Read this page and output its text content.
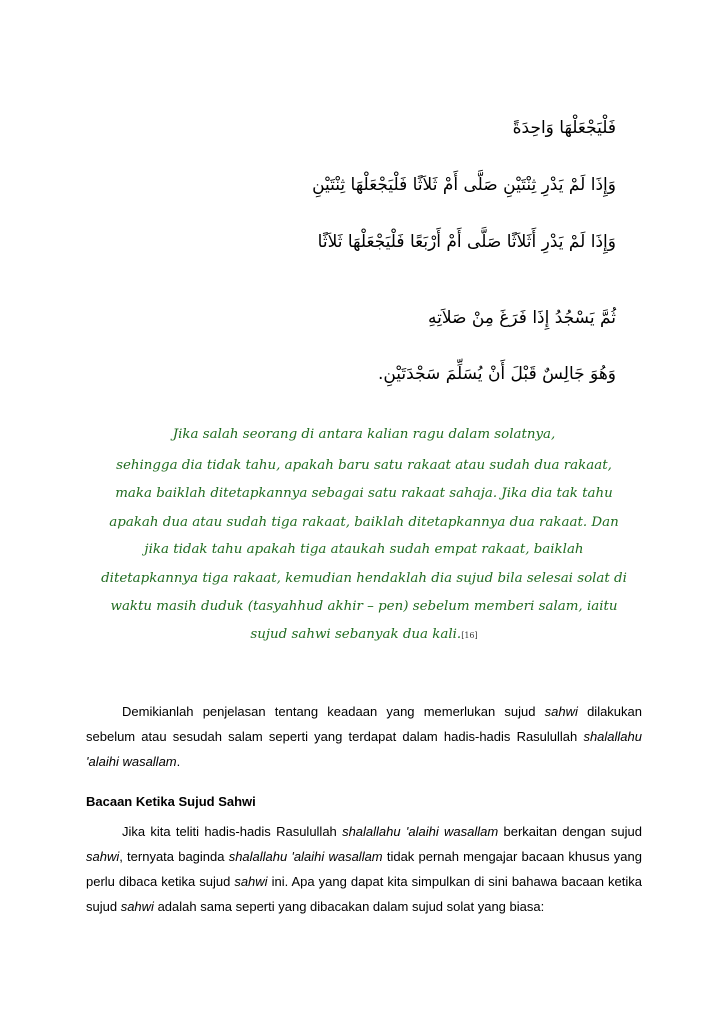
فَلْيَجْعَلْهَا وَاحِدَةً
وَإِذَا لَمْ يَدْرِ ثِنْتَيْنِ صَلَّى أَمْ ثَلاَثًا فَلْيَجْعَلْهَا ثِنْتَيْنِ
وَإِذَا لَمْ يَدْرِ أَثَلاَثًا صَلَّى أَمْ أَرْبَعًا فَلْيَجْعَلْهَا ثَلاَثًا
ثُمَّ يَسْجُدُ إِذَا فَرَغَ مِنْ صَلاَتِهِ
وَهُوَ جَالِسٌ قَبْلَ أَنْ يُسَلِّمَ سَجْدَتَيْنِ.
Jika salah seorang di antara kalian ragu dalam solatnya,
sehingga dia tidak tahu, apakah baru satu rakaat atau sudah dua rakaat,
maka baiklah ditetapkannya sebagai satu rakaat sahaja. Jika dia tak tahu
apakah dua atau sudah tiga rakaat, baiklah ditetapkannya dua rakaat. Dan
jika tidak tahu apakah tiga ataukah sudah empat rakaat, baiklah
ditetapkannya tiga rakaat, kemudian hendaklah dia sujud bila selesai solat di
waktu masih duduk (tasyahhud akhir – pen) sebelum memberi salam, iaitu
sujud sahwi sebanyak dua kali.[16]

Demikianlah penjelasan tentang keadaan yang memerlukan sujud sahwi dilakukan sebelum atau sesudah salam seperti yang terdapat dalam hadis-hadis Rasulullah shalallahu 'alaihi wasallam.

Bacaan Ketika Sujud Sahwi

Jika kita teliti hadis-hadis Rasulullah shalallahu 'alaihi wasallam berkaitan dengan sujud sahwi, ternyata baginda shalallahu 'alaihi wasallam tidak pernah mengajar bacaan khusus yang perlu dibaca ketika sujud sahwi ini. Apa yang dapat kita simpulkan di sini bahawa bacaan ketika sujud sahwi adalah sama seperti yang dibacakan dalam sujud solat yang biasa:
